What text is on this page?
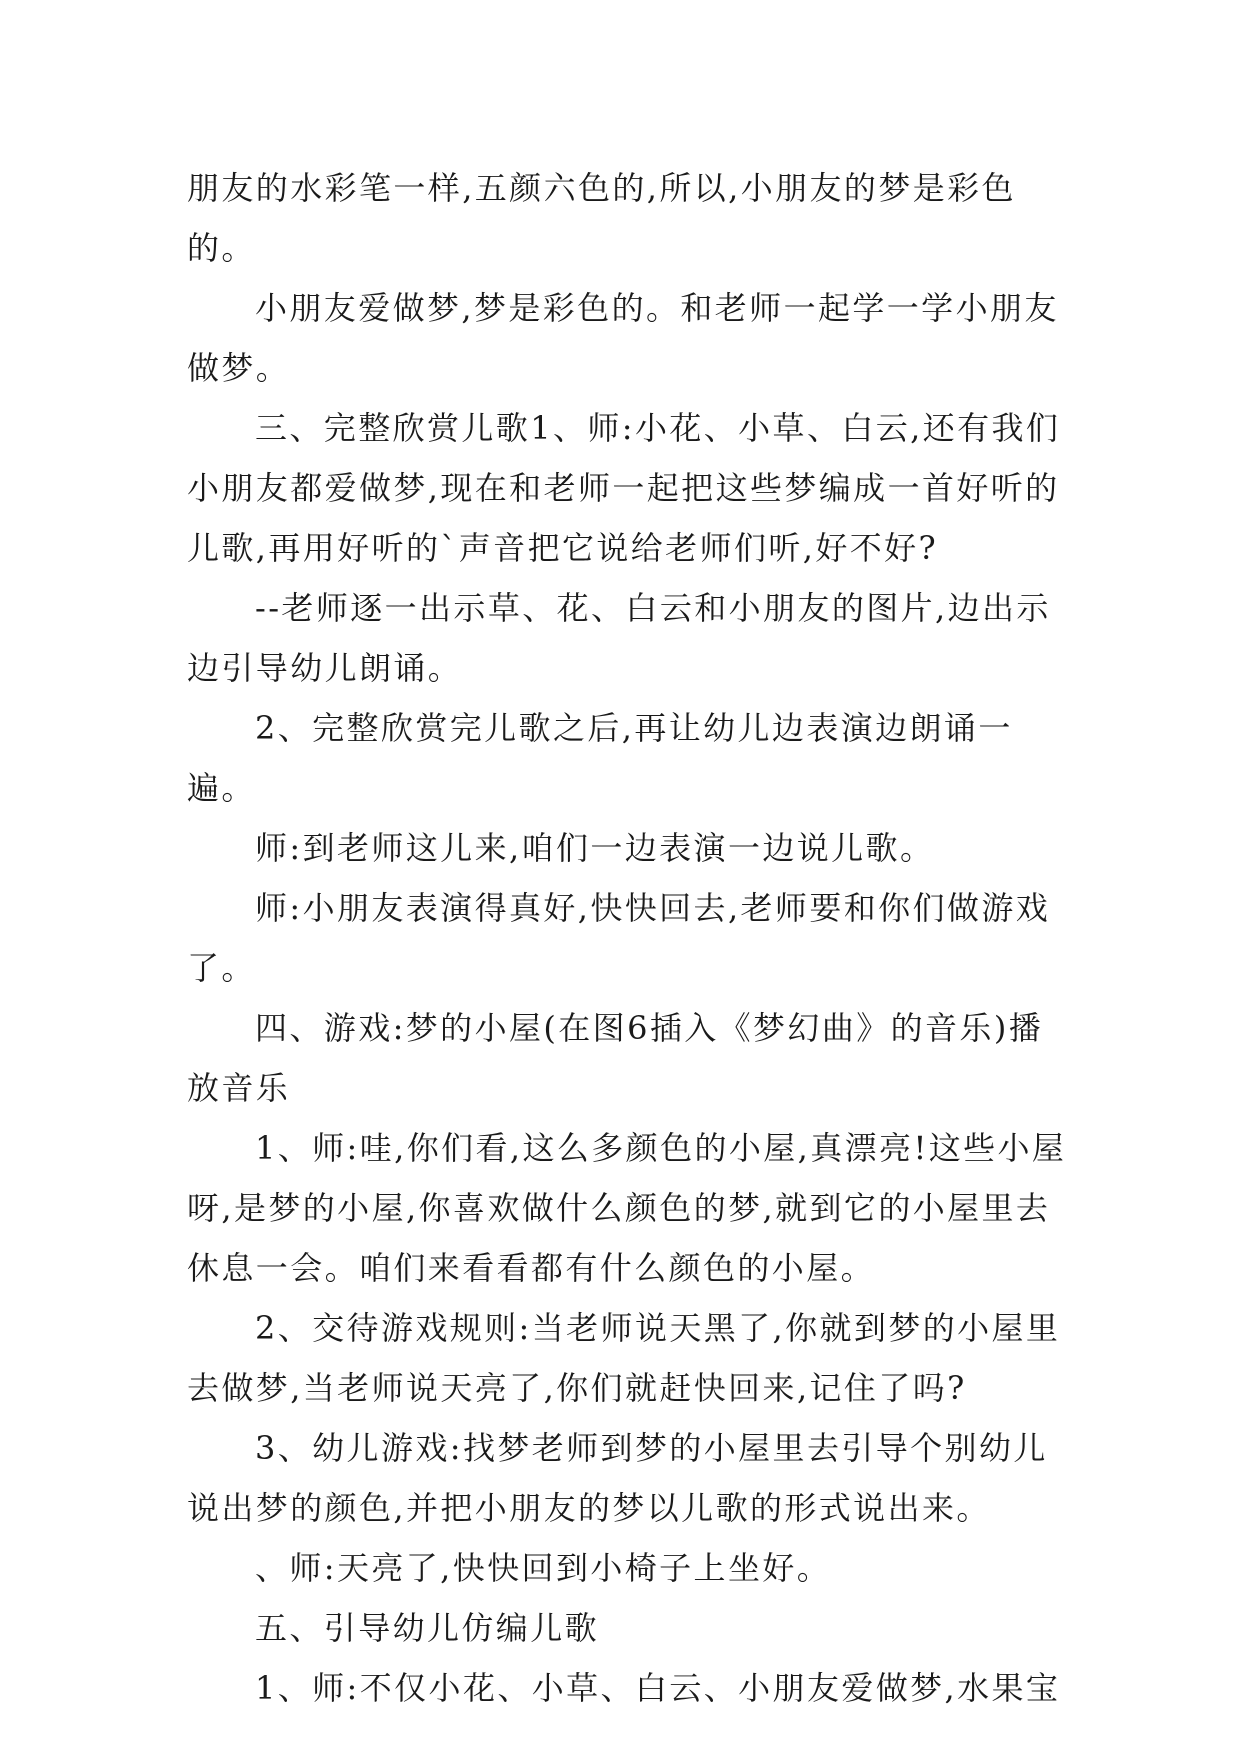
朋友的水彩笔一样,五颜六色的,所以,小朋友的梦是彩色的。

小朋友爱做梦,梦是彩色的。和老师一起学一学小朋友做梦。

三、完整欣赏儿歌1、师:小花、小草、白云,还有我们小朋友都爱做梦,现在和老师一起把这些梦编成一首好听的儿歌,再用好听的`声音把它说给老师们听,好不好?

--老师逐一出示草、花、白云和小朋友的图片,边出示边引导幼儿朗诵。

2、完整欣赏完儿歌之后,再让幼儿边表演边朗诵一遍。

师:到老师这儿来,咱们一边表演一边说儿歌。

师:小朋友表演得真好,快快回去,老师要和你们做游戏了。

四、游戏:梦的小屋(在图6插入《梦幻曲》的音乐)播放音乐

1、师:哇,你们看,这么多颜色的小屋,真漂亮!这些小屋呀,是梦的小屋,你喜欢做什么颜色的梦,就到它的小屋里去休息一会。咱们来看看都有什么颜色的小屋。

2、交待游戏规则:当老师说天黑了,你就到梦的小屋里去做梦,当老师说天亮了,你们就赶快回来,记住了吗?

3、幼儿游戏:找梦老师到梦的小屋里去引导个别幼儿说出梦的颜色,并把小朋友的梦以儿歌的形式说出来。

、师:天亮了,快快回到小椅子上坐好。

五、引导幼儿仿编儿歌

1、师:不仅小花、小草、白云、小朋友爱做梦,水果宝
